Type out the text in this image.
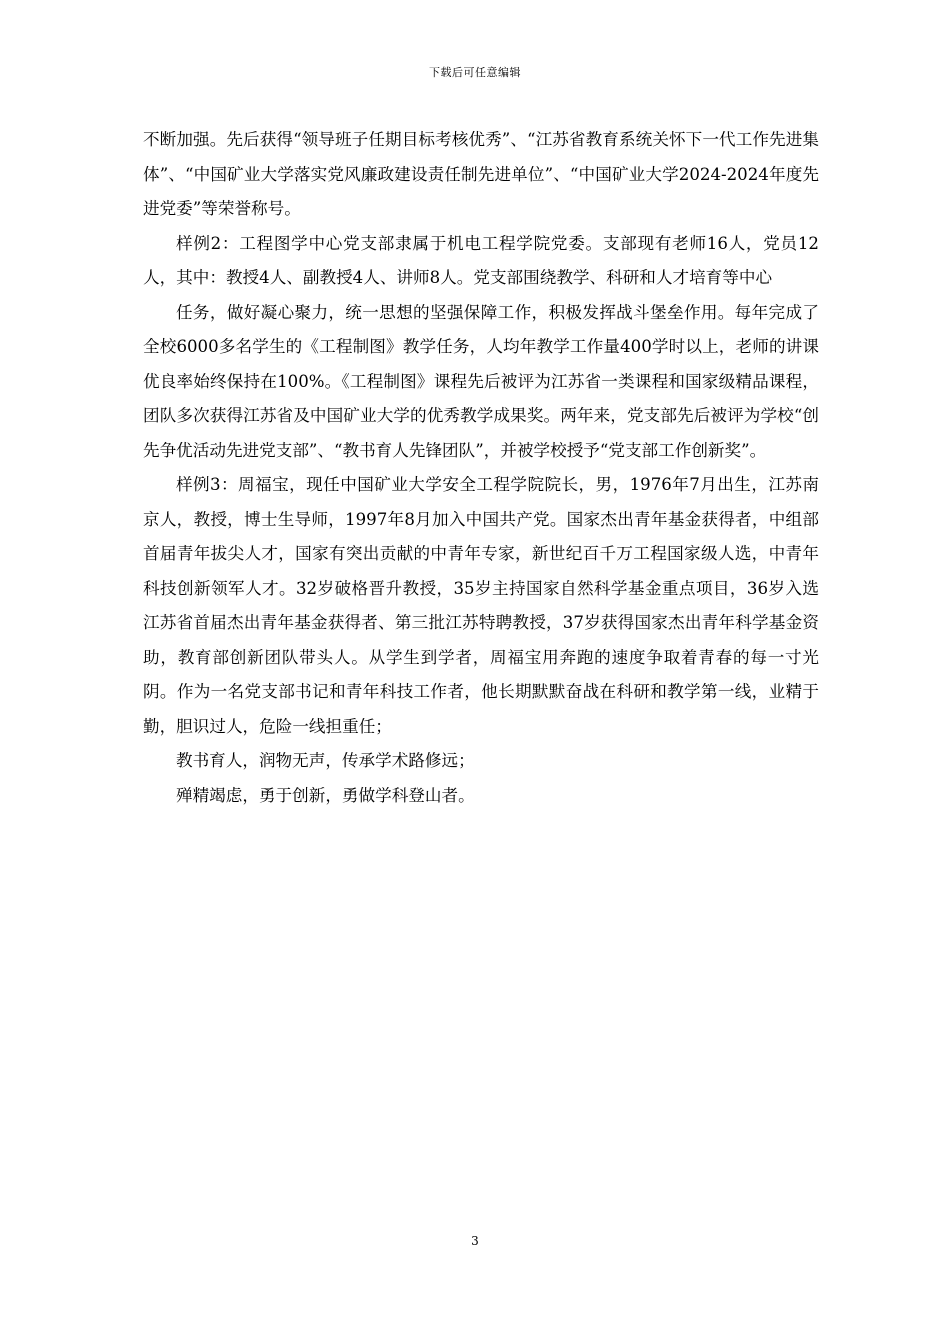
下载后可任意编辑

不断加强。先后获得“领导班子任期目标考核优秀”、“江苏省教育系统关怀下一代工作先进集体”、“中国矿业大学落实党风廉政建设责任制先进单位”、“中国矿业大学2024-2024年度先进党委”等荣誉称号。

样例2：工程图学中心党支部隶属于机电工程学院党委。支部现有老师16人，党员12人，其中：教授4人、副教授4人、讲师8人。党支部围绕教学、科研和人才培育等中心

任务，做好凝心聚力，统一思想的坚强保障工作，积极发挥战斗堡垒作用。每年完成了全校6000多名学生的《工程制图》教学任务，人均年教学工作量400学时以上，老师的讲课优良率始终保持在100%。《工程制图》课程先后被评为江苏省一类课程和国家级精品课程，团队多次获得江苏省及中国矿业大学的优秀教学成果奖。两年来，党支部先后被评为学校“创先争优活动先进党支部”、“教书育人先锋团队”，并被学校授予“党支部工作创新奖”。

样例3：周福宝，现任中国矿业大学安全工程学院院长，男，1976年7月出生，江苏南京人，教授，博士生导师，1997年8月加入中国共产党。国家杰出青年基金获得者，中组部首届青年拔尖人才，国家有突出贡献的中青年专家，新世纪百千万工程国家级人选，中青年科技创新领军人才。32岁破格晋升教授，35岁主持国家自然科学基金重点项目，36岁入选江苏省首届杰出青年基金获得者、第三批江苏特聘教授，37岁获得国家杰出青年科学基金资助，教育部创新团队带头人。从学生到学者，周福宝用奔跑的速度争取着青春的每一寸光阴。作为一名党支部书记和青年科技工作者，他长期默默奋战在科研和教学第一线，业精于勤，胆识过人，危险一线担重任；

教书育人，润物无声，传承学术路修远；

殚精竭虑，勇于创新，勇做学科登山者。

3
